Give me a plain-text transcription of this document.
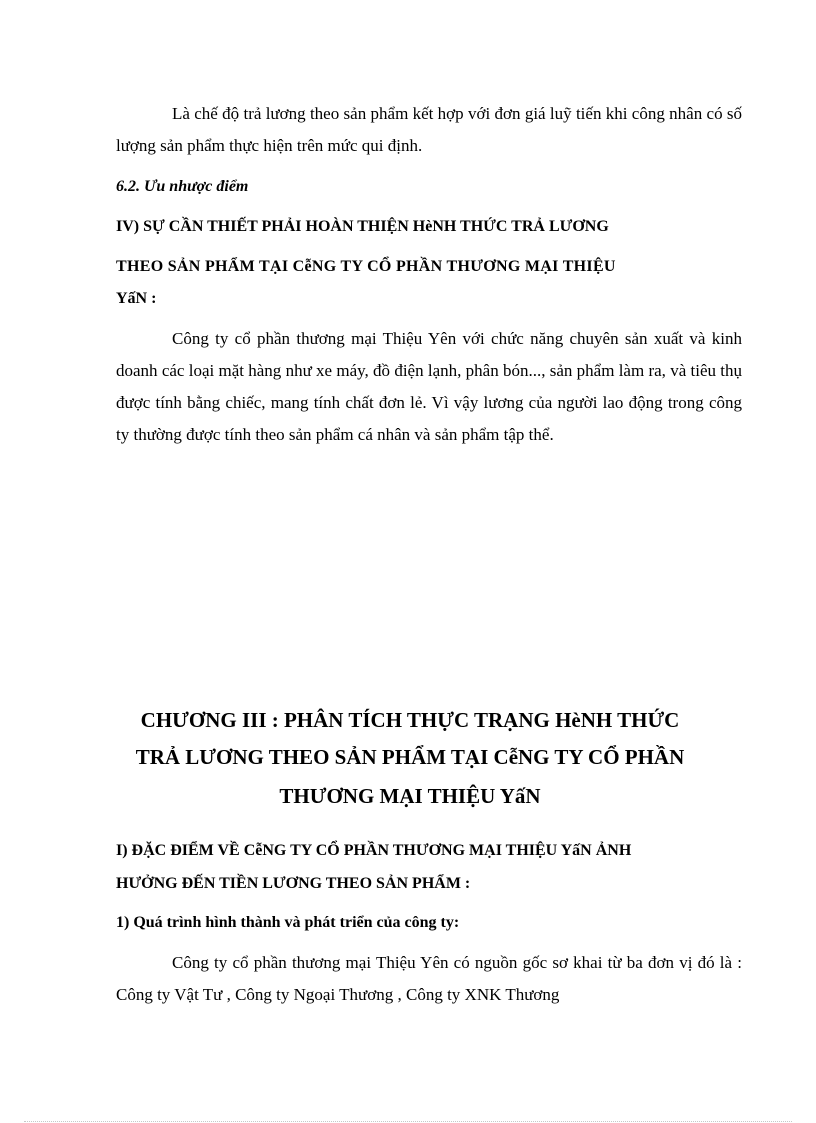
Là chế độ trả lương theo sản phẩm kết hợp với đơn giá luỹ tiến khi công nhân có số lượng sản phẩm thực hiện trên mức qui định.

6.2. Ưu nhược điểm

IV) SỰ CẦN THIẾT PHẢI HOÀN THIỆN HèNH THỨC TRẢ LƯƠNG

THEO SẢN PHẨM TẠI CễNG TY CỔ PHẦN THƯƠNG MẠI THIỆU

YấN :

Công ty cổ phần thương mại Thiệu Yên với chức năng chuyên sản xuất và kinh doanh các loại mặt hàng như xe máy, đồ điện lạnh, phân bón..., sản phẩm làm ra, và tiêu thụ được tính bằng chiếc, mang tính chất đơn lẻ. Vì vậy lương của người lao động trong công ty thường được tính theo sản phẩm cá nhân và sản phẩm tập thể.

CHƯƠNG III : PHÂN TÍCH THỰC TRẠNG HèNH THỨC

TRẢ LƯƠNG THEO SẢN PHẨM TẠI CễNG TY CỔ PHẦN

THƯƠNG MẠI THIỆU YấN

I) ĐẶC ĐIỂM VỀ CễNG TY CỔ PHẦN THƯƠNG MẠI THIỆU YấN ẢNH

HƯỞNG ĐẾN TIỀN LƯƠNG THEO SẢN PHẨM :

1) Quá trình hình thành và phát triển của công ty:

Công ty cổ phần thương mại Thiệu Yên có nguồn gốc sơ khai từ ba đơn vị đó là : Công ty Vật Tư , Công ty Ngoại Thương , Công ty XNK Thương
